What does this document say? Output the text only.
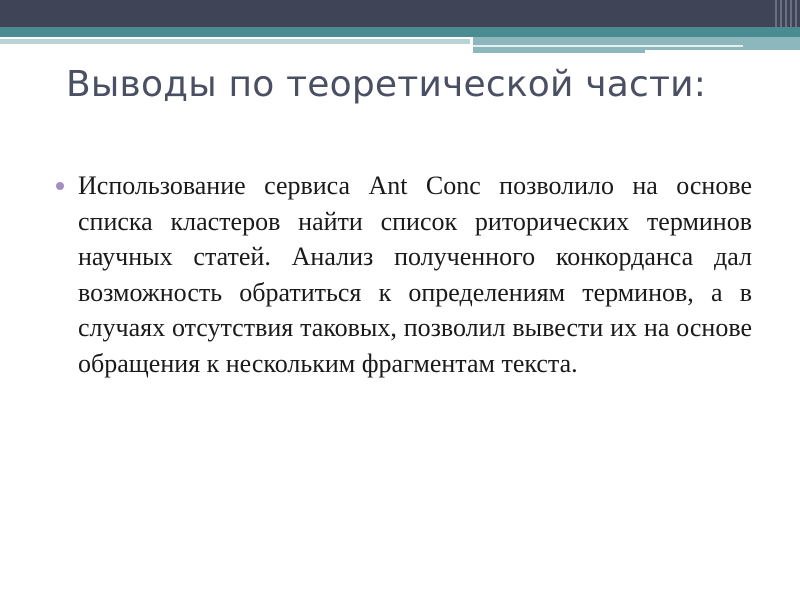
Выводы по теоретической части:
Использование сервиса Ant Conc позволило на основе списка кластеров найти список риторических терминов научных статей. Анализ полученного конкорданса дал возможность обратиться к определениям терминов, а в случаях отсутствия таковых, позволил вывести их на основе обращения к нескольким фрагментам текста.
